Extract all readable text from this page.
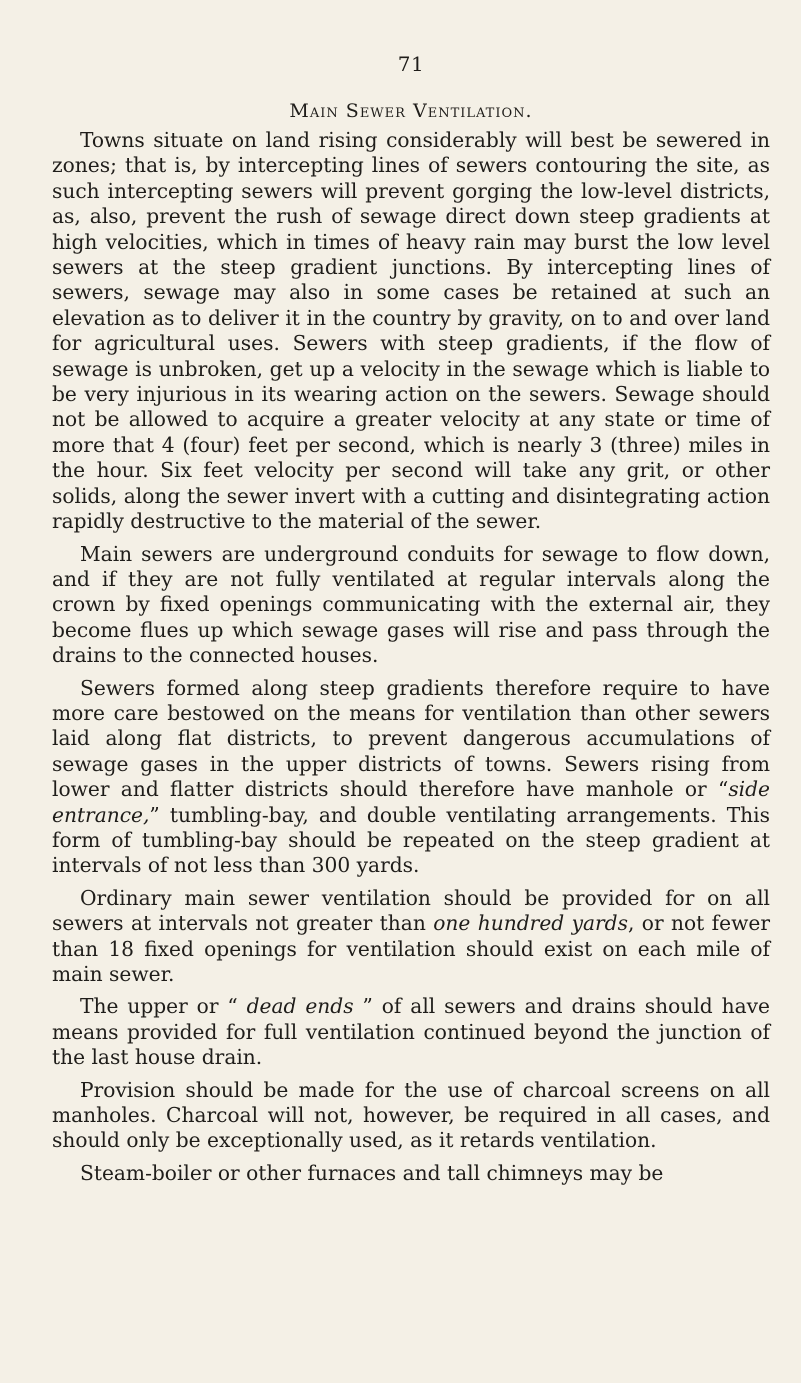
71
Main Sewer Ventilation.

Towns situate on land rising considerably will best be sewered in zones; that is, by intercepting lines of sewers contouring the site, as such intercepting sewers will prevent gorging the low-level districts, as, also, prevent the rush of sewage direct down steep gradients at high velocities, which in times of heavy rain may burst the low level sewers at the steep gradient junctions. By intercepting lines of sewers, sewage may also in some cases be retained at such an elevation as to deliver it in the country by gravity, on to and over land for agricultural uses. Sewers with steep gradients, if the flow of sewage is unbroken, get up a velocity in the sewage which is liable to be very injurious in its wearing action on the sewers. Sewage should not be allowed to acquire a greater velocity at any state or time of more that 4 (four) feet per second, which is nearly 3 (three) miles in the hour. Six feet velocity per second will take any grit, or other solids, along the sewer invert with a cutting and disintegrating action rapidly destructive to the material of the sewer.

Main sewers are underground conduits for sewage to flow down, and if they are not fully ventilated at regular intervals along the crown by fixed openings communicating with the external air, they become flues up which sewage gases will rise and pass through the drains to the connected houses.

Sewers formed along steep gradients therefore require to have more care bestowed on the means for ventilation than other sewers laid along flat districts, to prevent dangerous accumulations of sewage gases in the upper districts of towns. Sewers rising from lower and flatter districts should therefore have manhole or “side entrance,” tumbling-bay, and double ventilating arrangements. This form of tumbling-bay should be repeated on the steep gradient at intervals of not less than 300 yards.

Ordinary main sewer ventilation should be provided for on all sewers at intervals not greater than one hundred yards, or not fewer than 18 fixed openings for ventilation should exist on each mile of main sewer.

The upper or “ dead ends ” of all sewers and drains should have means provided for full ventilation continued beyond the junction of the last house drain.

Provision should be made for the use of charcoal screens on all manholes. Charcoal will not, however, be required in all cases, and should only be exceptionally used, as it retards ventilation.

Steam-boiler or other furnaces and tall chimneys may be
